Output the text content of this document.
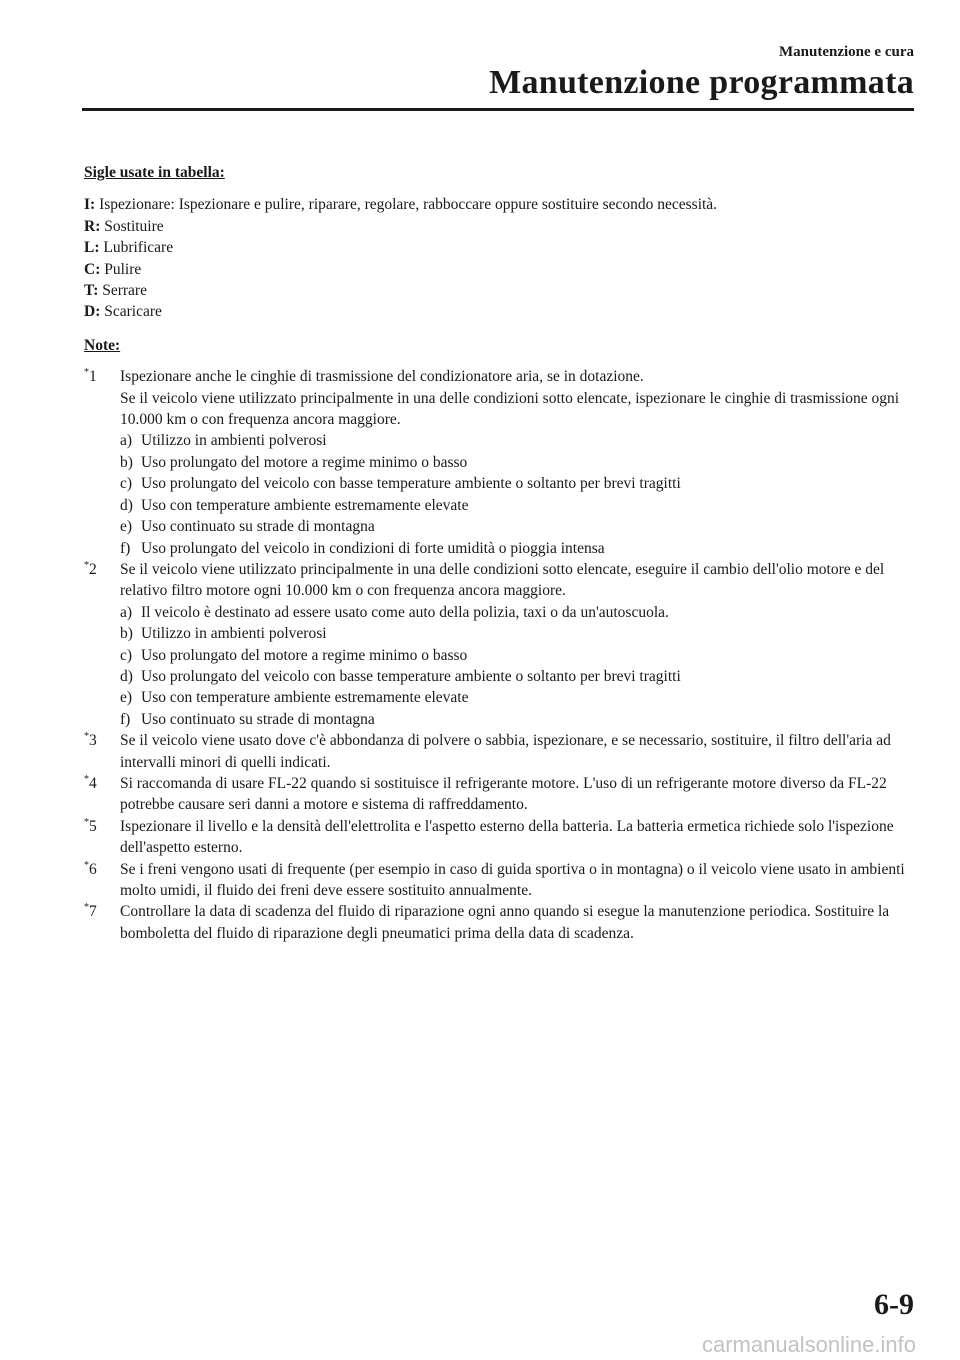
Manutenzione e cura
Manutenzione programmata
Sigle usate in tabella:
I: Ispezionare: Ispezionare e pulire, riparare, regolare, rabboccare oppure sostituire secondo necessità.
R: Sostituire
L: Lubrificare
C: Pulire
T: Serrare
D: Scaricare
Note:
*1	Ispezionare anche le cinghie di trasmissione del condizionatore aria, se in dotazione.
Se il veicolo viene utilizzato principalmente in una delle condizioni sotto elencate, ispezionare le cinghie di trasmissione ogni 10.000 km o con frequenza ancora maggiore.
a) Utilizzo in ambienti polverosi
b) Uso prolungato del motore a regime minimo o basso
c) Uso prolungato del veicolo con basse temperature ambiente o soltanto per brevi tragitti
d) Uso con temperature ambiente estremamente elevate
e) Uso continuato su strade di montagna
f) Uso prolungato del veicolo in condizioni di forte umidità o pioggia intensa
*2	Se il veicolo viene utilizzato principalmente in una delle condizioni sotto elencate, eseguire il cambio dell'olio motore e del relativo filtro motore ogni 10.000 km o con frequenza ancora maggiore.
a) Il veicolo è destinato ad essere usato come auto della polizia, taxi o da un'autoscuola.
b) Utilizzo in ambienti polverosi
c) Uso prolungato del motore a regime minimo o basso
d) Uso prolungato del veicolo con basse temperature ambiente o soltanto per brevi tragitti
e) Uso con temperature ambiente estremamente elevate
f) Uso continuato su strade di montagna
*3	Se il veicolo viene usato dove c'è abbondanza di polvere o sabbia, ispezionare, e se necessario, sostituire, il filtro dell'aria ad intervalli minori di quelli indicati.
*4	Si raccomanda di usare FL-22 quando si sostituisce il refrigerante motore. L'uso di un refrigerante motore diverso da FL-22 potrebbe causare seri danni a motore e sistema di raffreddamento.
*5	Ispezionare il livello e la densità dell'elettrolita e l'aspetto esterno della batteria. La batteria ermetica richiede solo l'ispezione dell'aspetto esterno.
*6	Se i freni vengono usati di frequente (per esempio in caso di guida sportiva o in montagna) o il veicolo viene usato in ambienti molto umidi, il fluido dei freni deve essere sostituito annualmente.
*7	Controllare la data di scadenza del fluido di riparazione ogni anno quando si esegue la manutenzione periodica. Sostituire la bomboletta del fluido di riparazione degli pneumatici prima della data di scadenza.
6-9
carmanualsonline.info
